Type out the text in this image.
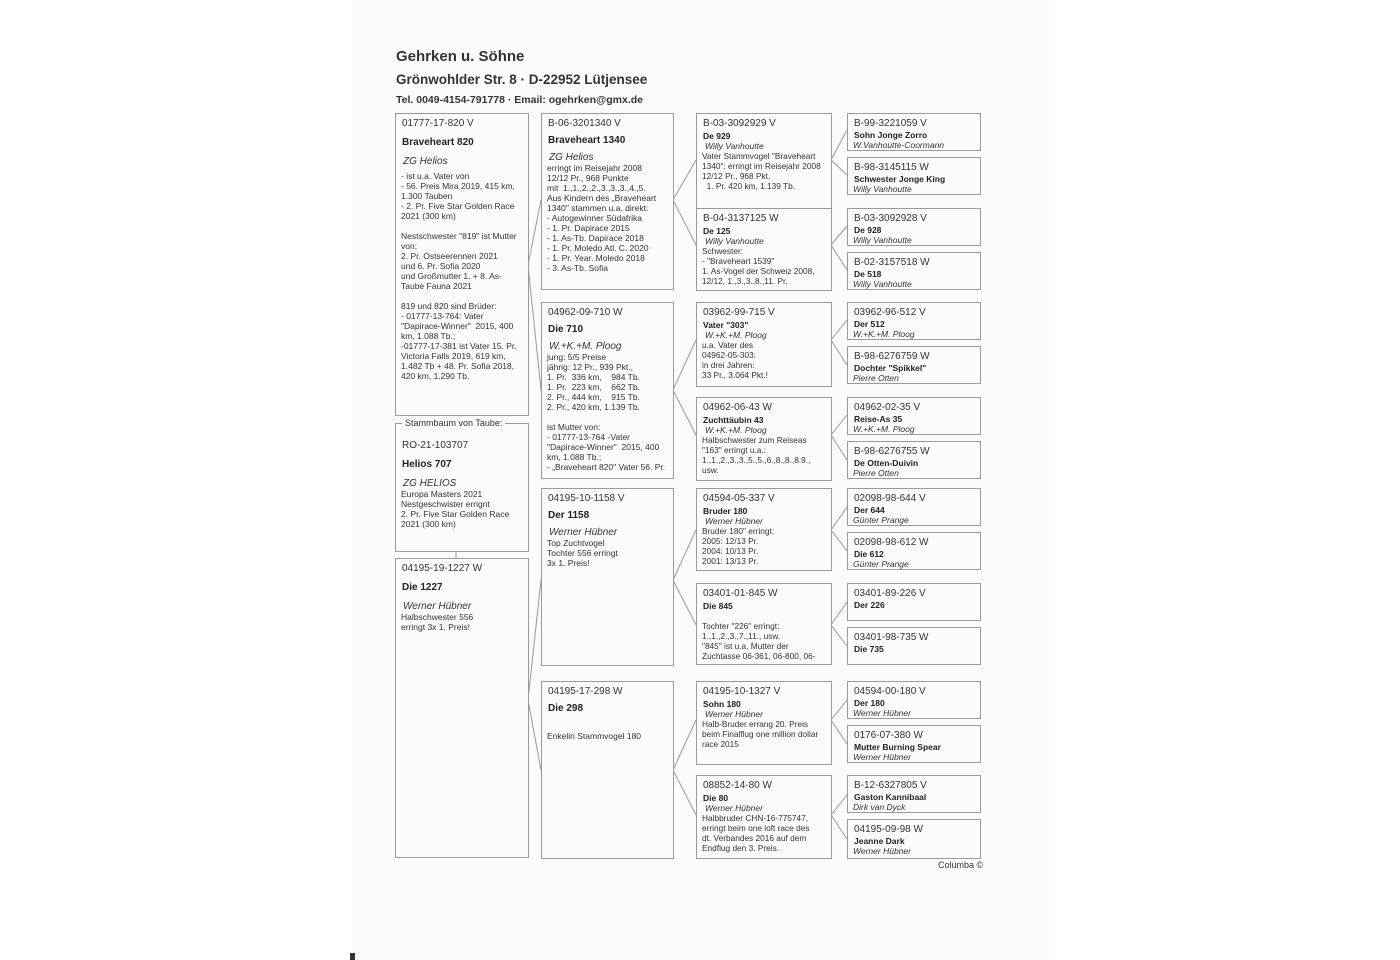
Gehrken u. Söhne
Grönwohlder Str. 8 · D-22952 Lütjensee
Tel. 0049-4154-791778 · Email: ogehrken@gmx.de
01777-17-820 V
Braveheart 820
ZG Helios

- ist u.a. Vater von
- 56. Preis Mira 2019, 415 km,
1.300 Tauben
- 2. Pr. Five Star Golden Race
2021 (300 km)

Nestschwester "819" ist Mutter
von:
2. Pr. Ostseerennen 2021
und 6. Pr. Sofia 2020
und Großmutter 1. + 8. As-
Taube Fauna 2021

819 und 820 sind Brüder:
- 01777-13-764: Vater
"Dapirace-Winner"  2015, 400
km, 1.088 Tb.;
-01777-17-381 ist Vater 15. Pr.
Victoria Falls 2019, 619 km,
1.482 Tb + 48. Pr. Sofia 2018,
420 km, 1.290 Tb.

RO-21-103707
Helios 707
ZG HELIOS

Europa Masters 2021
Nestgeschwister errignt
2. Pr. Five Star Golden Race
2021 (300 km)

Stammbaum von Taube:
04195-19-1227 W
Die 1227
Werner Hübner

Halbschwester 556
erringt 3x 1. Preis!

B-06-3201340 V
Braveheart 1340
ZG Helios

erringt im Reisejahr 2008
12/12 Pr., 968 Punkte
mit  1.,1.,2.,2.,3.,3.,3.,4.,5.
Aus Kindern des „Braveheart
1340" stammen u.a. direkt:
- Autogewinner Südafrika
- 1. Pr. Dapirace 2015
- 1. As-Tb. Dapirace 2018
- 1. Pr. Moledo Atl. C. 2020
- 1. Pr. Year. Moledo 2018
- 3. As-Tb. Sofia

04962-09-710 W
Die 710
W.+K.+M. Ploog

jung: 5/5 Preise
jährig: 12 Pr., 939 Pkt.,
1. Pr.  336 km,    984 Tb.
1. Pr.  223 km,    662 Tb.
2. Pr., 444 km,    915 Tb.
2. Pr., 420 km, 1.139 Tb.

ist Mutter von:
- 01777-13-764 -Vater
"Dapirace-Winner"  2015, 400
km, 1.088 Tb.;
- „Braveheart 820" Vater 56. Pr.

04195-10-1158 V
Der 1158
Werner Hübner

Top Zuchtvogel
Tochter 556 erringt
3x 1. Preis!

04195-17-298 W
Die 298

Enkelin Stammvogel 180

B-03-3092929 V
De 929
Willy Vanhoutte

Vater Stammvogel "Braveheart
1340": erringt im Reisejahr 2008
12/12 Pr., 968 Pkt.
1. Pr. 420 km, 1.139 Tb.

B-04-3137125 W
De 125
Willy Vanhoutte

Schwester:
- "Braveheart 1539"
1. As-Vogel der Schweiz 2008,
12/12, 1.,3.,3.,8.,11. Pr.

03962-99-715 V
Vater "303"
W.+K.+M. Ploog

u.a. Vater des
04962-05-303:
in drei Jahren:
33 Pr., 3.064 Pkt.!

04962-06-43 W
Zuchttäubin 43
W.+K.+M. Ploog

Halbschwester zum Reiseas
"163" erringt u.a.:
1.,1.,2.,3.,3.,5.,5.,6.,8.,8.,8.9.,
usw.

04594-05-337 V
Bruder 180
Werner Hübner

Bruder 180" erringt:
2005: 12/13 Pr.
2004: 10/13 Pr.
2001: 13/13 Pr.

03401-01-845 W
Die 845

Tochter "226" erringt:
1.,1.,2.,3.,7.,11., usw.
"845" ist u.a. Mutter der
Zuchtasse 06-361, 06-800, 06-

04195-10-1327 V
Sohn 180
Werner Hübner

Halb-Bruder errang 20. Preis
beim Finalflug one million dollar
race 2015

08852-14-80 W
Die 80
Werner Hübner

Halbbruder CHN-16-775747,
erringt beim one loft race des
dt. Verbandes 2016 auf dem
Endflug den 3. Preis.

B-99-3221059 V
Sohn Jonge Zorro
W.Vanhoutte-Coormann
B-98-3145115 W
Schwester Jonge King
Willy Vanhoutte
B-03-3092928 V
De 928
Willy Vanhoutte
B-02-3157518 W
De 518
Willy Vanhoutte
03962-96-512 V
Der 512
W.+K.+M. Ploog
B-98-6276759 W
Dochter "Spikkel"
Pierre Otten
04962-02-35 V
Reise-As 35
W.+K.+M. Ploog
B-98-6276755 W
De Otten-Duivin
Pierre Otten
02098-98-644 V
Der 644
Günter Prange
02098-98-612 W
Die 612
Günter Prange
03401-89-226 V
Der 226
03401-98-735 W
Die 735
04594-00-180 V
Der 180
Werner Hübner
0176-07-380 W
Mutter Burning Spear
Werner Hübner
B-12-6327805 V
Gaston Kannibaal
Dirk van Dyck
04195-09-98 W
Jeanne Dark
Werner Hübner
Columba ©
